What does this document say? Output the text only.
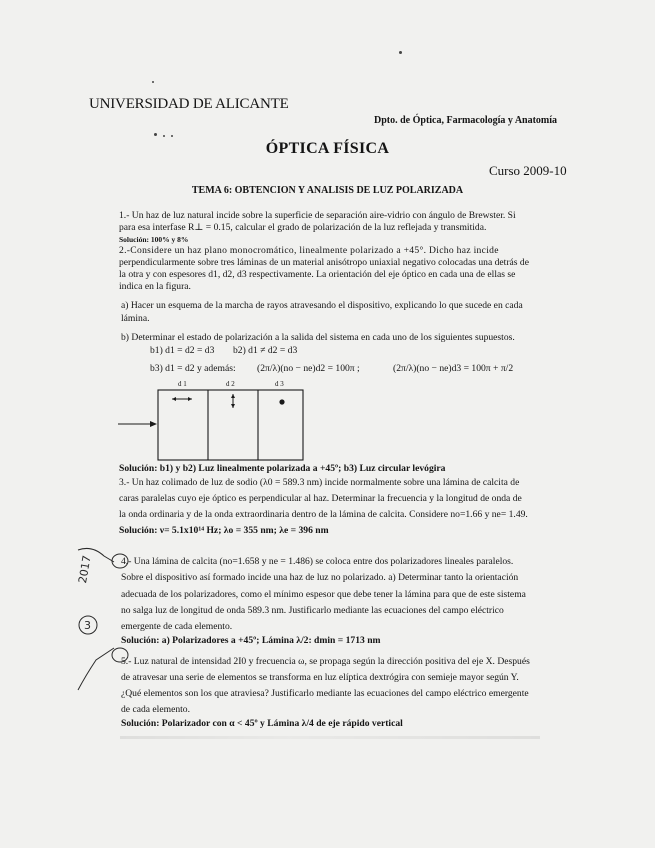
UNIVERSIDAD DE ALICANTE
Dpto. de Óptica, Farmacología y Anatomía
ÓPTICA FÍSICA
Curso 2009-10
TEMA 6: OBTENCION Y ANALISIS DE LUZ POLARIZADA
1.- Un haz de luz natural incide sobre la superficie de separación aire-vidrio con ángulo de Brewster. Si
para esa interfase R⊥ = 0.15, calcular el grado de polarización de la luz reflejada y transmitida.
Solución: 100% y 8%
2.-Considere un haz plano monocromático, linealmente polarizado a +45°. Dicho haz incide
perpendicularmente sobre tres láminas de un material anisótropo uniaxial negativo colocadas una detrás de
la otra y con espesores d1, d2, d3 respectivamente. La orientación del eje óptico en cada una de ellas se
indica en la figura.
a) Hacer un esquema de la marcha de rayos atravesando el dispositivo, explicando lo que sucede en cada
lámina.
b) Determinar el estado de polarización a la salida del sistema en cada uno de los siguientes supuestos.
b1) d1 = d2 = d3 b2) d1 ≠ d2 = d3
b3) d1 = d2 y además: (2π/λ)(no − ne)d2 = 100π ;	(2π/λ)(no − ne)d3 = 100π + π/2
d 1	d 2	d 3
Solución: b1) y b2) Luz linealmente polarizada a +45º; b3) Luz circular levógira
3.- Un haz colimado de luz de sodio (λ0 = 589.3 nm) incide normalmente sobre una lámina de calcita de
caras paralelas cuyo eje óptico es perpendicular al haz. Determinar la frecuencia y la longitud de onda de
la onda ordinaria y de la onda extraordinaria dentro de la lámina de calcita. Considere no=1.66 y ne= 1.49.
Solución: ν= 5.1x10¹⁴ Hz; λo = 355 nm; λe = 396 nm
4.- Una lámina de calcita (no=1.658 y ne = 1.486) se coloca entre dos polarizadores lineales paralelos.
Sobre el dispositivo así formado incide una haz de luz no polarizado. a) Determinar tanto la orientación
adecuada de los polarizadores, como el mínimo espesor que debe tener la lámina para que de este sistema
no salga luz de longitud de onda 589.3 nm. Justificarlo mediante las ecuaciones del campo eléctrico
emergente de cada elemento.
Solución: a) Polarizadores a +45º; Lámina λ/2: dmin = 1713 nm
5.- Luz natural de intensidad 2I0 y frecuencia ω, se propaga según la dirección positiva del eje X. Después
de atravesar una serie de elementos se transforma en luz elíptica dextrógira con semieje mayor según Y.
¿Qué elementos son los que atraviesa? Justificarlo mediante las ecuaciones del campo eléctrico emergente
de cada elemento.
Solución: Polarizador con α < 45º y Lámina λ/4 de eje rápido vertical
3
2017
